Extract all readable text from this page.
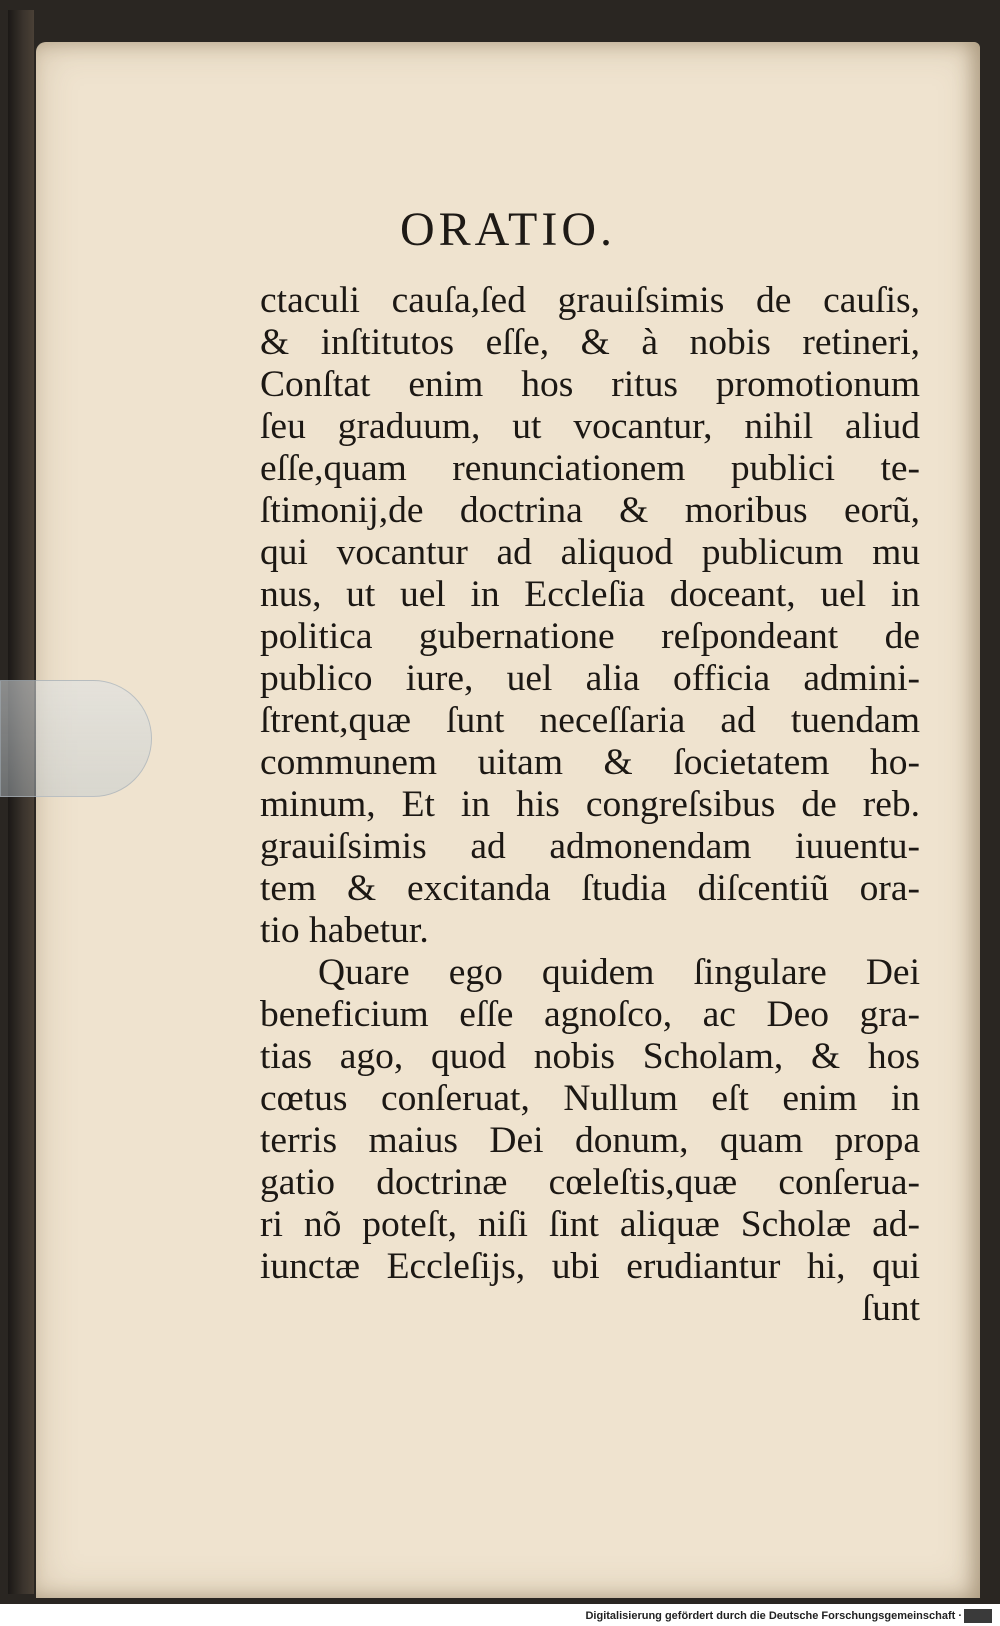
ORATIO.
ctaculi cauſa,ſed grauiſsimis de cauſis,
& inſtitutos eſſe, & à nobis retineri,
Conſtat enim hos ritus promotionum
ſeu graduum, ut vocantur, nihil aliud
eſſe,quam renunciationem publici te-
ſtimonij,de doctrina & moribus eorũ,
qui vocantur ad aliquod publicum mu
nus, ut uel in Eccleſia doceant, uel in
politica gubernatione reſpondeant de
publico iure, uel alia officia admini-
ſtrent,quæ ſunt neceſſaria ad tuendam
communem uitam & ſocietatem ho-
minum, Et in his congreſsibus de reb.
grauiſsimis ad admonendam iuuentu-
tem & excitanda ſtudia diſcentiũ ora-
tio habetur.
Quare ego quidem ſingulare Dei
beneficium eſſe agnoſco, ac Deo gra-
tias ago, quod nobis Scholam, & hos
cœtus conſeruat, Nullum eſt enim in
terris maius Dei donum, quam propa
gatio doctrinæ cœleſtis,quæ conſerua-
ri nõ poteſt, niſi ſint aliquæ Scholæ ad-
iunctæ Eccleſijs, ubi erudiantur hi, qui
ſunt
Digitalisierung gefördert durch die Deutsche Forschungsgemeinschaft ·
